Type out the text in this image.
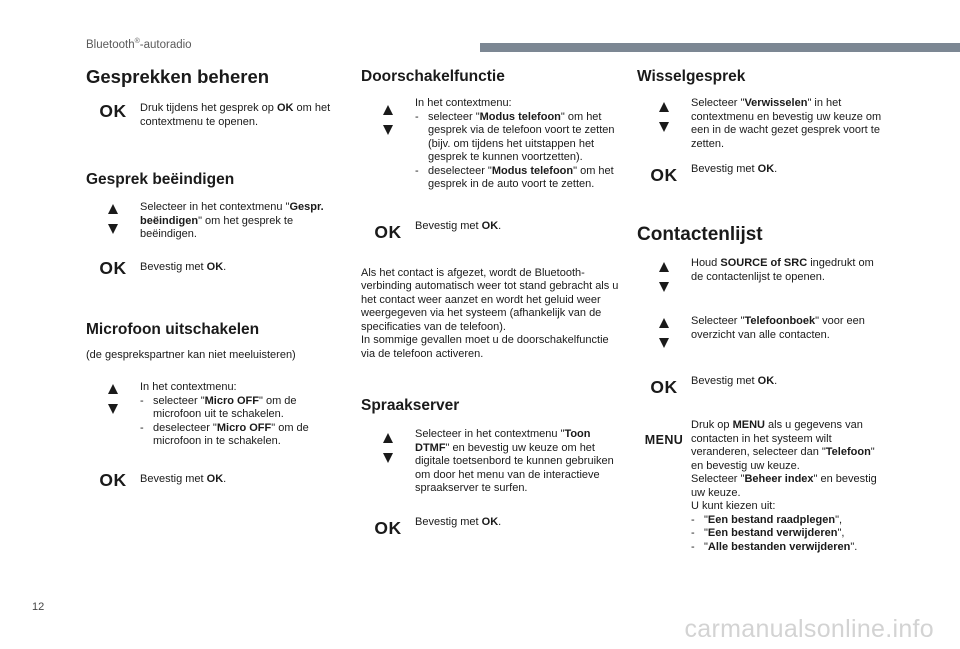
Bluetooth®-autoradio
Gesprekken beheren
OK Druk tijdens het gesprek op OK om het contextmenu te openen.
Gesprek beëindigen
Selecteer in het contextmenu "Gespr. beëindigen" om het gesprek te beëindigen.
OK Bevestig met OK.
Microfoon uitschakelen
(de gesprekspartner kan niet meeluisteren)
In het contextmenu:
- selecteer "Micro OFF" om de microfoon uit te schakelen.
- deselecteer "Micro OFF" om de microfoon in te schakelen.
OK Bevestig met OK.
Doorschakelfunctie
In het contextmenu:
- selecteer "Modus telefoon" om het gesprek via de telefoon voort te zetten (bijv. om tijdens het uitstappen het gesprek te kunnen voortzetten).
- deselecteer "Modus telefoon" om het gesprek in de auto voort te zetten.
OK Bevestig met OK.
Als het contact is afgezet, wordt de Bluetooth-verbinding automatisch weer tot stand gebracht als u het contact weer aanzet en wordt het geluid weer weergegeven via het systeem (afhankelijk van de specificaties van de telefoon).
In sommige gevallen moet u de doorschakelfunctie via de telefoon activeren.
Spraakserver
Selecteer in het contextmenu "Toon DTMF" en bevestig uw keuze om het digitale toetsenbord te kunnen gebruiken om door het menu van de interactieve spraakserver te surfen.
OK Bevestig met OK.
Wisselgesprek
Selecteer "Verwisselen" in het contextmenu en bevestig uw keuze om een in de wacht gezet gesprek voort te zetten.
OK Bevestig met OK.
Contactenlijst
Houd SOURCE of SRC ingedrukt om de contactenlijst te openen.
Selecteer "Telefoonboek" voor een overzicht van alle contacten.
OK Bevestig met OK.
MENU
Druk op MENU als u gegevens van contacten in het systeem wilt veranderen, selecteer dan "Telefoon" en bevestig uw keuze.
Selecteer "Beheer index" en bevestig uw keuze.
U kunt kiezen uit:
- "Een bestand raadplegen",
- "Een bestand verwijderen",
- "Alle bestanden verwijderen".
12
carmanualsonline.info
